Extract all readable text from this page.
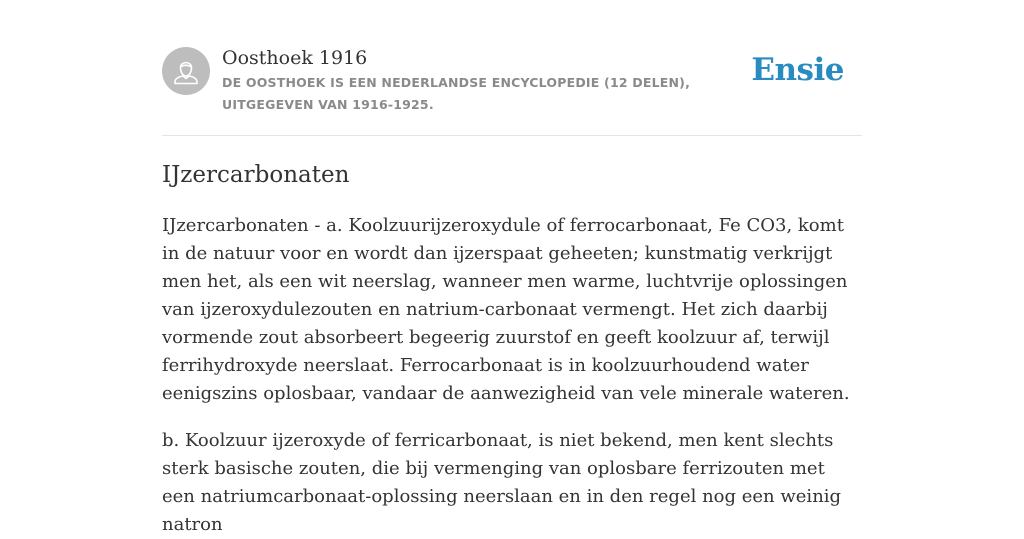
Oosthoek 1916
DE OOSTHOEK IS EEN NEDERLANDSE ENCYCLOPEDIE (12 DELEN), UITGEGEVEN VAN 1916-1925.
Ensie
IJzercarbonaten

IJzercarbonaten - a. Koolzuurijzeroxydule of ferrocarbonaat, Fe CO3, komt in de natuur voor en wordt dan ijzerspaat geheeten; kunstmatig verkrijgt men het, als een wit neerslag, wanneer men warme, luchtvrije oplossingen van ijzeroxydulezouten en natrium-carbonaat vermengt. Het zich daarbij vormende zout absorbeert begeerig zuurstof en geeft koolzuur af, terwijl ferrihydroxyde neerslaat. Ferrocarbonaat is in koolzuurhoudend water eenigszins oplosbaar, vandaar de aanwezigheid van vele minerale wateren.

b. Koolzuur ijzeroxyde of ferricarbonaat, is niet bekend, men kent slechts sterk basische zouten, die bij vermenging van oplosbare ferrizouten met een natriumcarbonaat-oplossing neerslaan en in den regel nog een weinig natron
